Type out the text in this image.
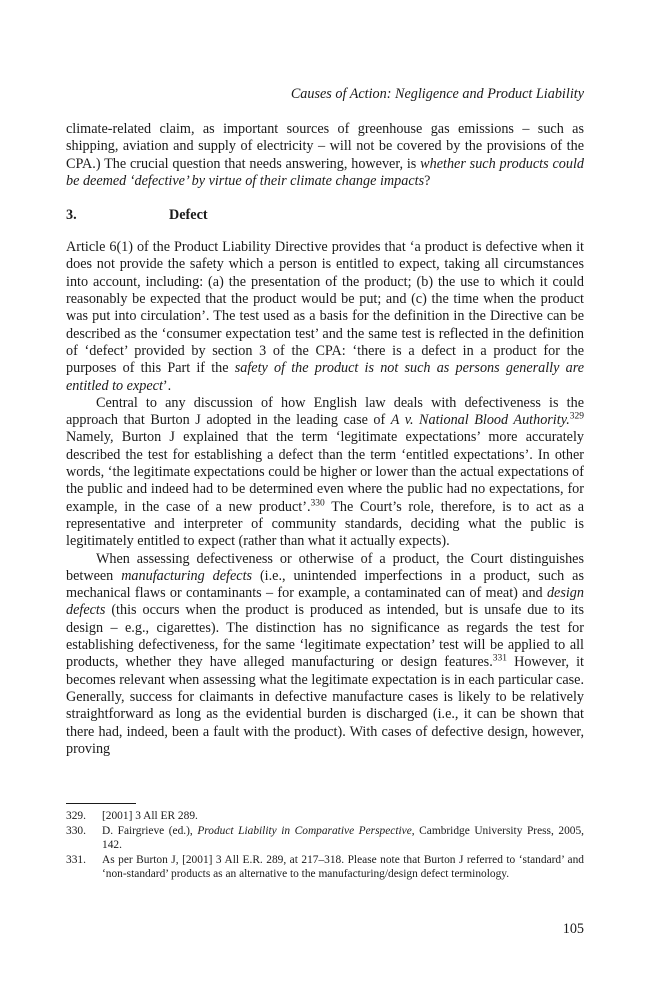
Causes of Action: Negligence and Product Liability

climate-related claim, as important sources of greenhouse gas emissions – such as shipping, aviation and supply of electricity – will not be covered by the provisions of the CPA.) The crucial question that needs answering, however, is whether such products could be deemed ‘defective’ by virtue of their climate change impacts?

3.	Defect

Article 6(1) of the Product Liability Directive provides that ‘a product is defective when it does not provide the safety which a person is entitled to expect, taking all circumstances into account, including: (a) the presentation of the product; (b) the use to which it could reasonably be expected that the product would be put; and (c) the time when the product was put into circulation’. The test used as a basis for the definition in the Directive can be described as the ‘consumer expectation test’ and the same test is reflected in the definition of ‘defect’ provided by section 3 of the CPA: ‘there is a defect in a product for the purposes of this Part if the safety of the product is not such as persons generally are entitled to expect’.

Central to any discussion of how English law deals with defectiveness is the approach that Burton J adopted in the leading case of A v. National Blood Authority.$^{329}$ Namely, Burton J explained that the term ‘legitimate expectations’ more accurately described the test for establishing a defect than the term ‘entitled expectations’. In other words, ‘the legitimate expectations could be higher or lower than the actual expectations of the public and indeed had to be determined even where the public had no expectations, for example, in the case of a new product’.$^{330}$ The Court’s role, therefore, is to act as a representative and interpreter of community standards, deciding what the public is legitimately entitled to expect (rather than what it actually expects).

When assessing defectiveness or otherwise of a product, the Court distinguishes between manufacturing defects (i.e., unintended imperfections in a product, such as mechanical flaws or contaminants – for example, a contaminated can of meat) and design defects (this occurs when the product is produced as intended, but is unsafe due to its design – e.g., cigarettes). The distinction has no significance as regards the test for establishing defectiveness, for the same ‘legitimate expectation’ test will be applied to all products, whether they have alleged manufacturing or design features.$^{331}$ However, it becomes relevant when assessing what the legitimate expectation is in each particular case. Generally, success for claimants in defective manufacture cases is likely to be relatively straightforward as long as the evidential burden is discharged (i.e., it can be shown that there had, indeed, been a fault with the product). With cases of defective design, however, proving

329.	[2001] 3 All ER 289.
330.	D. Fairgrieve (ed.), Product Liability in Comparative Perspective, Cambridge University Press, 2005, 142.
331.	As per Burton J, [2001] 3 All E.R. 289, at 217–318. Please note that Burton J referred to ‘standard’ and ‘non-standard’ products as an alternative to the manufacturing/design defect terminology.
105
